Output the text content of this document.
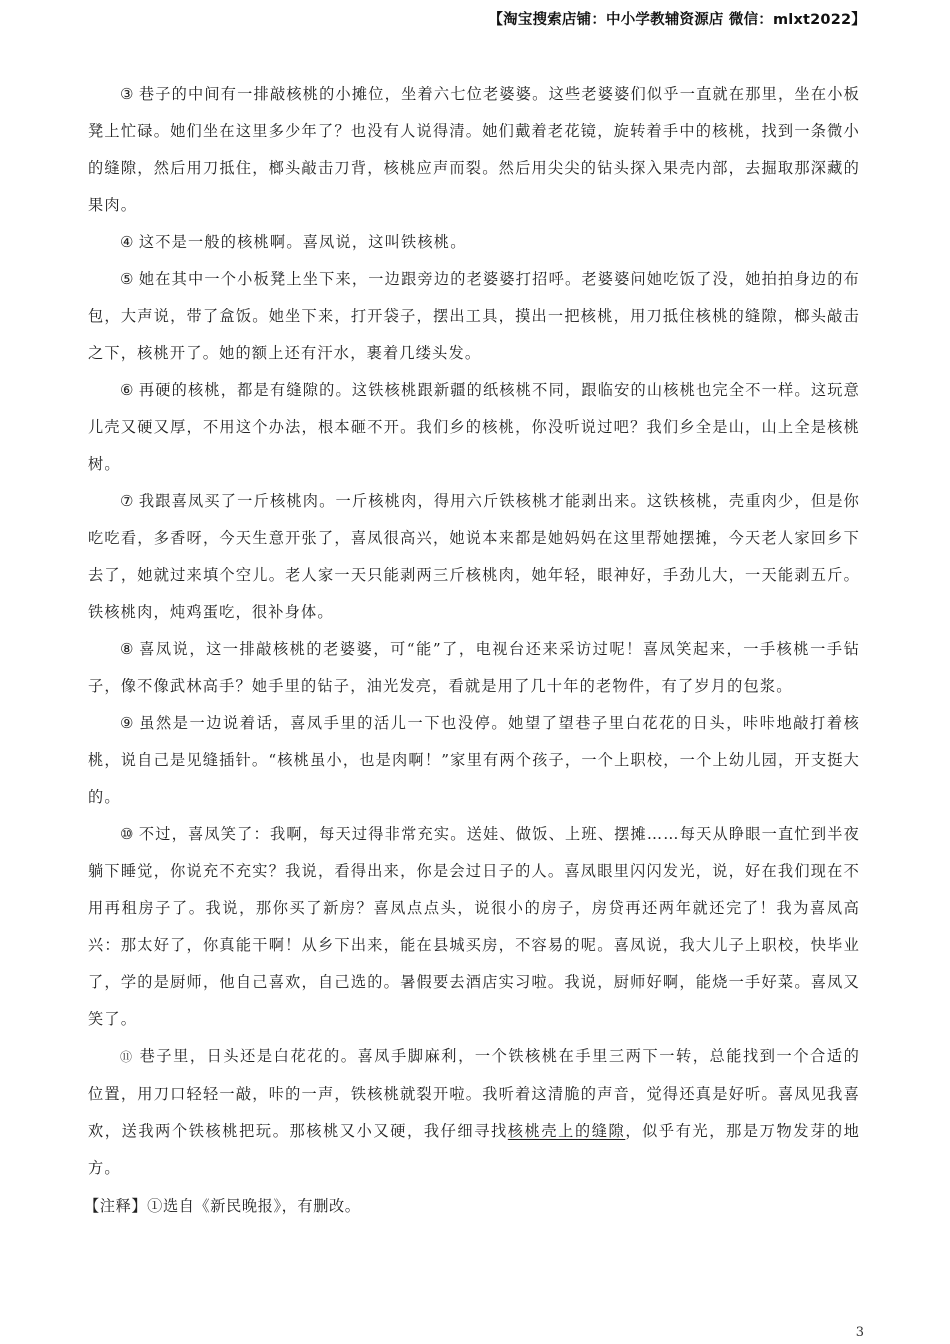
【淘宝搜索店铺：中小学教辅资源店 微信：mlxt2022】

③ 巷子的中间有一排敲核桃的小摊位，坐着六七位老婆婆。这些老婆婆们似乎一直就在那里，坐在小板凳上忙碌。她们坐在这里多少年了？也没有人说得清。她们戴着老花镜，旋转着手中的核桃，找到一条微小的缝隙，然后用刀抵住，榔头敲击刀背，核桃应声而裂。然后用尖尖的钻头探入果壳内部，去掘取那深藏的果肉。

④ 这不是一般的核桃啊。喜凤说，这叫铁核桃。

⑤ 她在其中一个小板凳上坐下来，一边跟旁边的老婆婆打招呼。老婆婆问她吃饭了没，她拍拍身边的布包，大声说，带了盒饭。她坐下来，打开袋子，摆出工具，摸出一把核桃，用刀抵住核桃的缝隙，榔头敲击之下，核桃开了。她的额上还有汗水，裹着几缕头发。

⑥ 再硬的核桃，都是有缝隙的。这铁核桃跟新疆的纸核桃不同，跟临安的山核桃也完全不一样。这玩意儿壳又硬又厚，不用这个办法，根本砸不开。我们乡的核桃，你没听说过吧？我们乡全是山，山上全是核桃树。

⑦ 我跟喜凤买了一斤核桃肉。一斤核桃肉，得用六斤铁核桃才能剥出来。这铁核桃，壳重肉少，但是你吃吃看，多香呀，今天生意开张了，喜凤很高兴，她说本来都是她妈妈在这里帮她摆摊，今天老人家回乡下去了，她就过来填个空儿。老人家一天只能剥两三斤核桃肉，她年轻，眼神好，手劲儿大，一天能剥五斤。铁核桃肉，炖鸡蛋吃，很补身体。

⑧ 喜凤说，这一排敲核桃的老婆婆，可“能”了，电视台还来采访过呢！喜凤笑起来，一手核桃一手钻子，像不像武林高手？她手里的钻子，油光发亮，看就是用了几十年的老物件，有了岁月的包浆。

⑨ 虽然是一边说着话，喜凤手里的活儿一下也没停。她望了望巷子里白花花的日头，咔咔地敲打着核桃，说自己是见缝插针。“核桃虽小，也是肉啊！”家里有两个孩子，一个上职校，一个上幼儿园，开支挺大的。

⑩ 不过，喜凤笑了：我啊，每天过得非常充实。送娃、做饭、上班、摆摊……每天从睁眼一直忙到半夜躺下睡觉，你说充不充实？我说，看得出来，你是会过日子的人。喜凤眼里闪闪发光，说，好在我们现在不用再租房子了。我说，那你买了新房？喜凤点点头，说很小的房子，房贷再还两年就还完了！我为喜凤高兴：那太好了，你真能干啊！从乡下出来，能在县城买房，不容易的呢。喜凤说，我大儿子上职校，快毕业了，学的是厨师，他自己喜欢，自己选的。暑假要去酒店实习啦。我说，厨师好啊，能烧一手好菜。喜凤又笑了。

⑪ 巷子里，日头还是白花花的。喜凤手脚麻利，一个铁核桃在手里三两下一转，总能找到一个合适的位置，用刀口轻轻一敲，咔的一声，铁核桃就裂开啦。我听着这清脆的声音，觉得还真是好听。喜凤见我喜欢，送我两个铁核桃把玩。那核桃又小又硬，我仔细寻找核桃壳上的缝隙，似乎有光，那是万物发芽的地方。

【注释】①选自《新民晚报》，有删改。

3
